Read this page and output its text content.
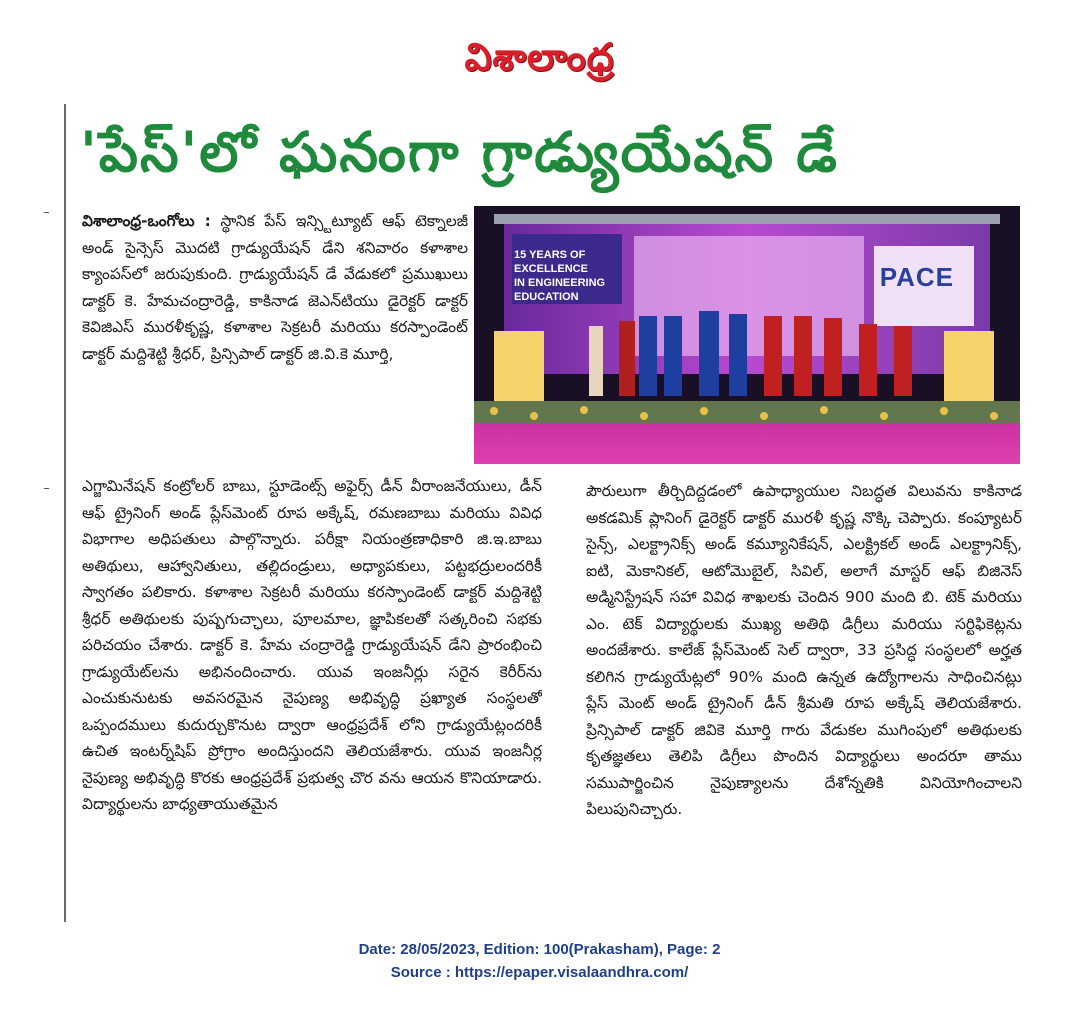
విశాలాంధ్ర
'పేస్'లో ఘనంగా గ్రాడ్యుయేషన్ డే

విశాలాంధ్ర-ఒంగోలు : స్థానిక పేస్ ఇన్స్టిట్యూట్ ఆఫ్ టెక్నాలజీ అండ్ సైన్సెస్ మొదటి గ్రాడ్యుయేషన్ డేని శనివారం కళాశాల క్యాంపస్‌లో జరుపుకుంది. గ్రాడ్యుయేషన్ డే వేడుకలో ప్రముఖులు డాక్టర్ కె. హేమచంద్రారెడ్డి, కాకినాడ జెఎన్‌టియు డైరెక్టర్ డాక్టర్ కెవిజిఎస్ మురళీకృష్ణ, కళాశాల సెక్రటరీ మరియు కరస్పాండెంట్ డాక్టర్ మద్దిశెట్టి శ్రీధర్, ప్రిన్సిపాల్ డాక్టర్ జి.వి.కె మూర్తి,

15 YEARS OF
EXCELLENCE
IN ENGINEERING
EDUCATION
PACE

ఎగ్జామినేషన్ కంట్రోలర్ బాబు, స్టూడెంట్స్ అఫైర్స్ డీన్ వీరాంజనేయులు, డీన్ ఆఫ్ ట్రైనింగ్ అండ్ ప్లేస్‌మెంట్ రూప అక్కేష్, రమణబాబు మరియు వివిధ విభాగాల అధిపతులు పాల్గొన్నారు. పరీక్షా నియంత్రణాధికారి జి.ఇ.బాబు అతిథులు, ఆహ్వానితులు, తల్లిదండ్రులు, అధ్యాపకులు, పట్టభద్రులందరికీ స్వాగతం పలికారు. కళాశాల సెక్రటరీ మరియు కరస్పాండెంట్ డాక్టర్ మద్దిశెట్టి శ్రీధర్ అతిథులకు పుష్పగుచ్ఛాలు, పూలమాల, జ్ఞాపికలతో సత్కరించి సభకు పరిచయం చేశారు. డాక్టర్ కె. హేమ చంద్రారెడ్డి గ్రాడ్యుయేషన్ డేని ప్రారంభించి గ్రాడ్యుయేట్‌లను అభినందించారు. యువ ఇంజనీర్లు సరైన కెరీర్‌ను ఎంచుకునుటకు అవసరమైన నైపుణ్య అభివృద్ధి ప్రఖ్యాత సంస్థలతో ఒప్పందములు కుదుర్చుకొనుట ద్వారా ఆంధ్రప్రదేశ్ లోని గ్రాడ్యుయేట్లందరికీ ఉచిత ఇంటర్న్‌షిప్ ప్రోగ్రాం అందిస్తుందని తెలియజేశారు. యువ ఇంజనీర్ల నైపుణ్య అభివృద్ధి కొరకు ఆంధ్రప్రదేశ్ ప్రభుత్వ చొర వను ఆయన కొనియాడారు. విద్యార్థులను బాధ్యతాయుతమైన

పౌరులుగా తీర్చిదిద్దడంలో ఉపాధ్యాయుల నిబద్ధత విలువను కాకినాడ అకడమిక్ ప్లానింగ్ డైరెక్టర్ డాక్టర్ మురళీ కృష్ణ నొక్కి చెప్పారు. కంప్యూటర్ సైన్స్, ఎలక్ట్రానిక్స్ అండ్ కమ్యూనికేషన్, ఎలక్ట్రికల్ అండ్ ఎలక్ట్రానిక్స్, ఐటి, మెకానికల్, ఆటోమొబైల్, సివిల్, అలాగే మాస్టర్ ఆఫ్ బిజినెస్ అడ్మినిస్ట్రేషన్ సహా వివిధ శాఖలకు చెందిన 900 మంది బి. టెక్ మరియు ఎం. టెక్ విద్యార్థులకు ముఖ్య అతిథి డిగ్రీలు మరియు సర్టిఫికెట్లను అందజేశారు. కాలేజ్ ప్లేస్‌మెంట్ సెల్ ద్వారా, 33 ప్రసిద్ధ సంస్థలలో అర్హత కలిగిన గ్రాడ్యుయేట్లలో 90% మంది ఉన్నత ఉద్యోగాలను సాధించినట్లు ప్లేస్ మెంట్ అండ్ ట్రైనింగ్ డీన్ శ్రీమతి రూప అక్కేష్ తెలియజేశారు. ప్రిన్సిపాల్ డాక్టర్ జివికె మూర్తి గారు వేడుకల ముగింపులో అతిథులకు కృతజ్ఞతలు తెలిపి డిగ్రీలు పొందిన విద్యార్థులు అందరూ తాము సముపార్జించిన నైపుణ్యాలను దేశోన్నతికి వినియోగించాలని పిలుపునిచ్చారు.

Date: 28/05/2023, Edition: 100(Prakasham), Page: 2
Source : https://epaper.visalaandhra.com/
